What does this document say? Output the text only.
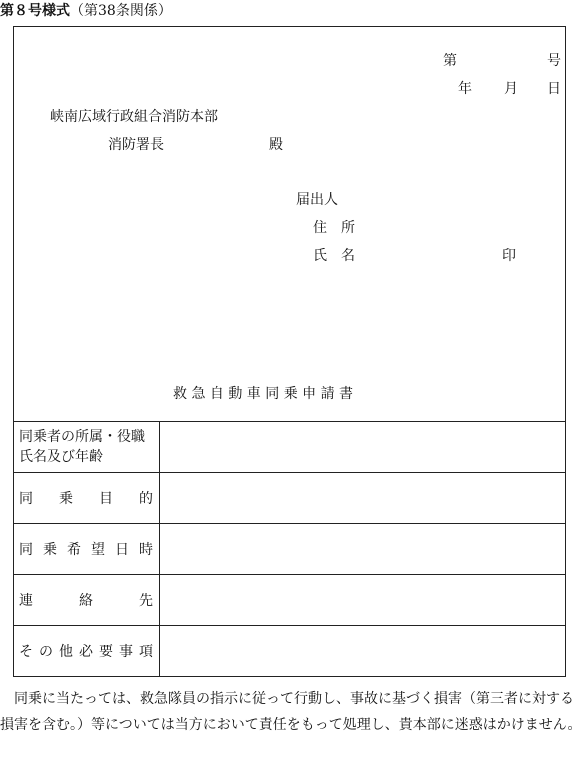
第８号様式（第38条関係）
第	号
年 月 日
峡南広域行政組合消防本部
消防署長	殿
届出人
住　所
氏　名	印
救 急 自 動 車 同 乗 申 請 書
同乗者の所属・役職
氏名及び年齢
同 乗 目 的
同 乗 希 望 日 時
連	絡	先
そ の 他 必 要 事 項
同乗に当たっては、救急隊員の指示に従って行動し、事故に基づく損害（第三者に対する損害を含む。）等については当方において責任をもって処理し、貴本部に迷惑はかけません。
